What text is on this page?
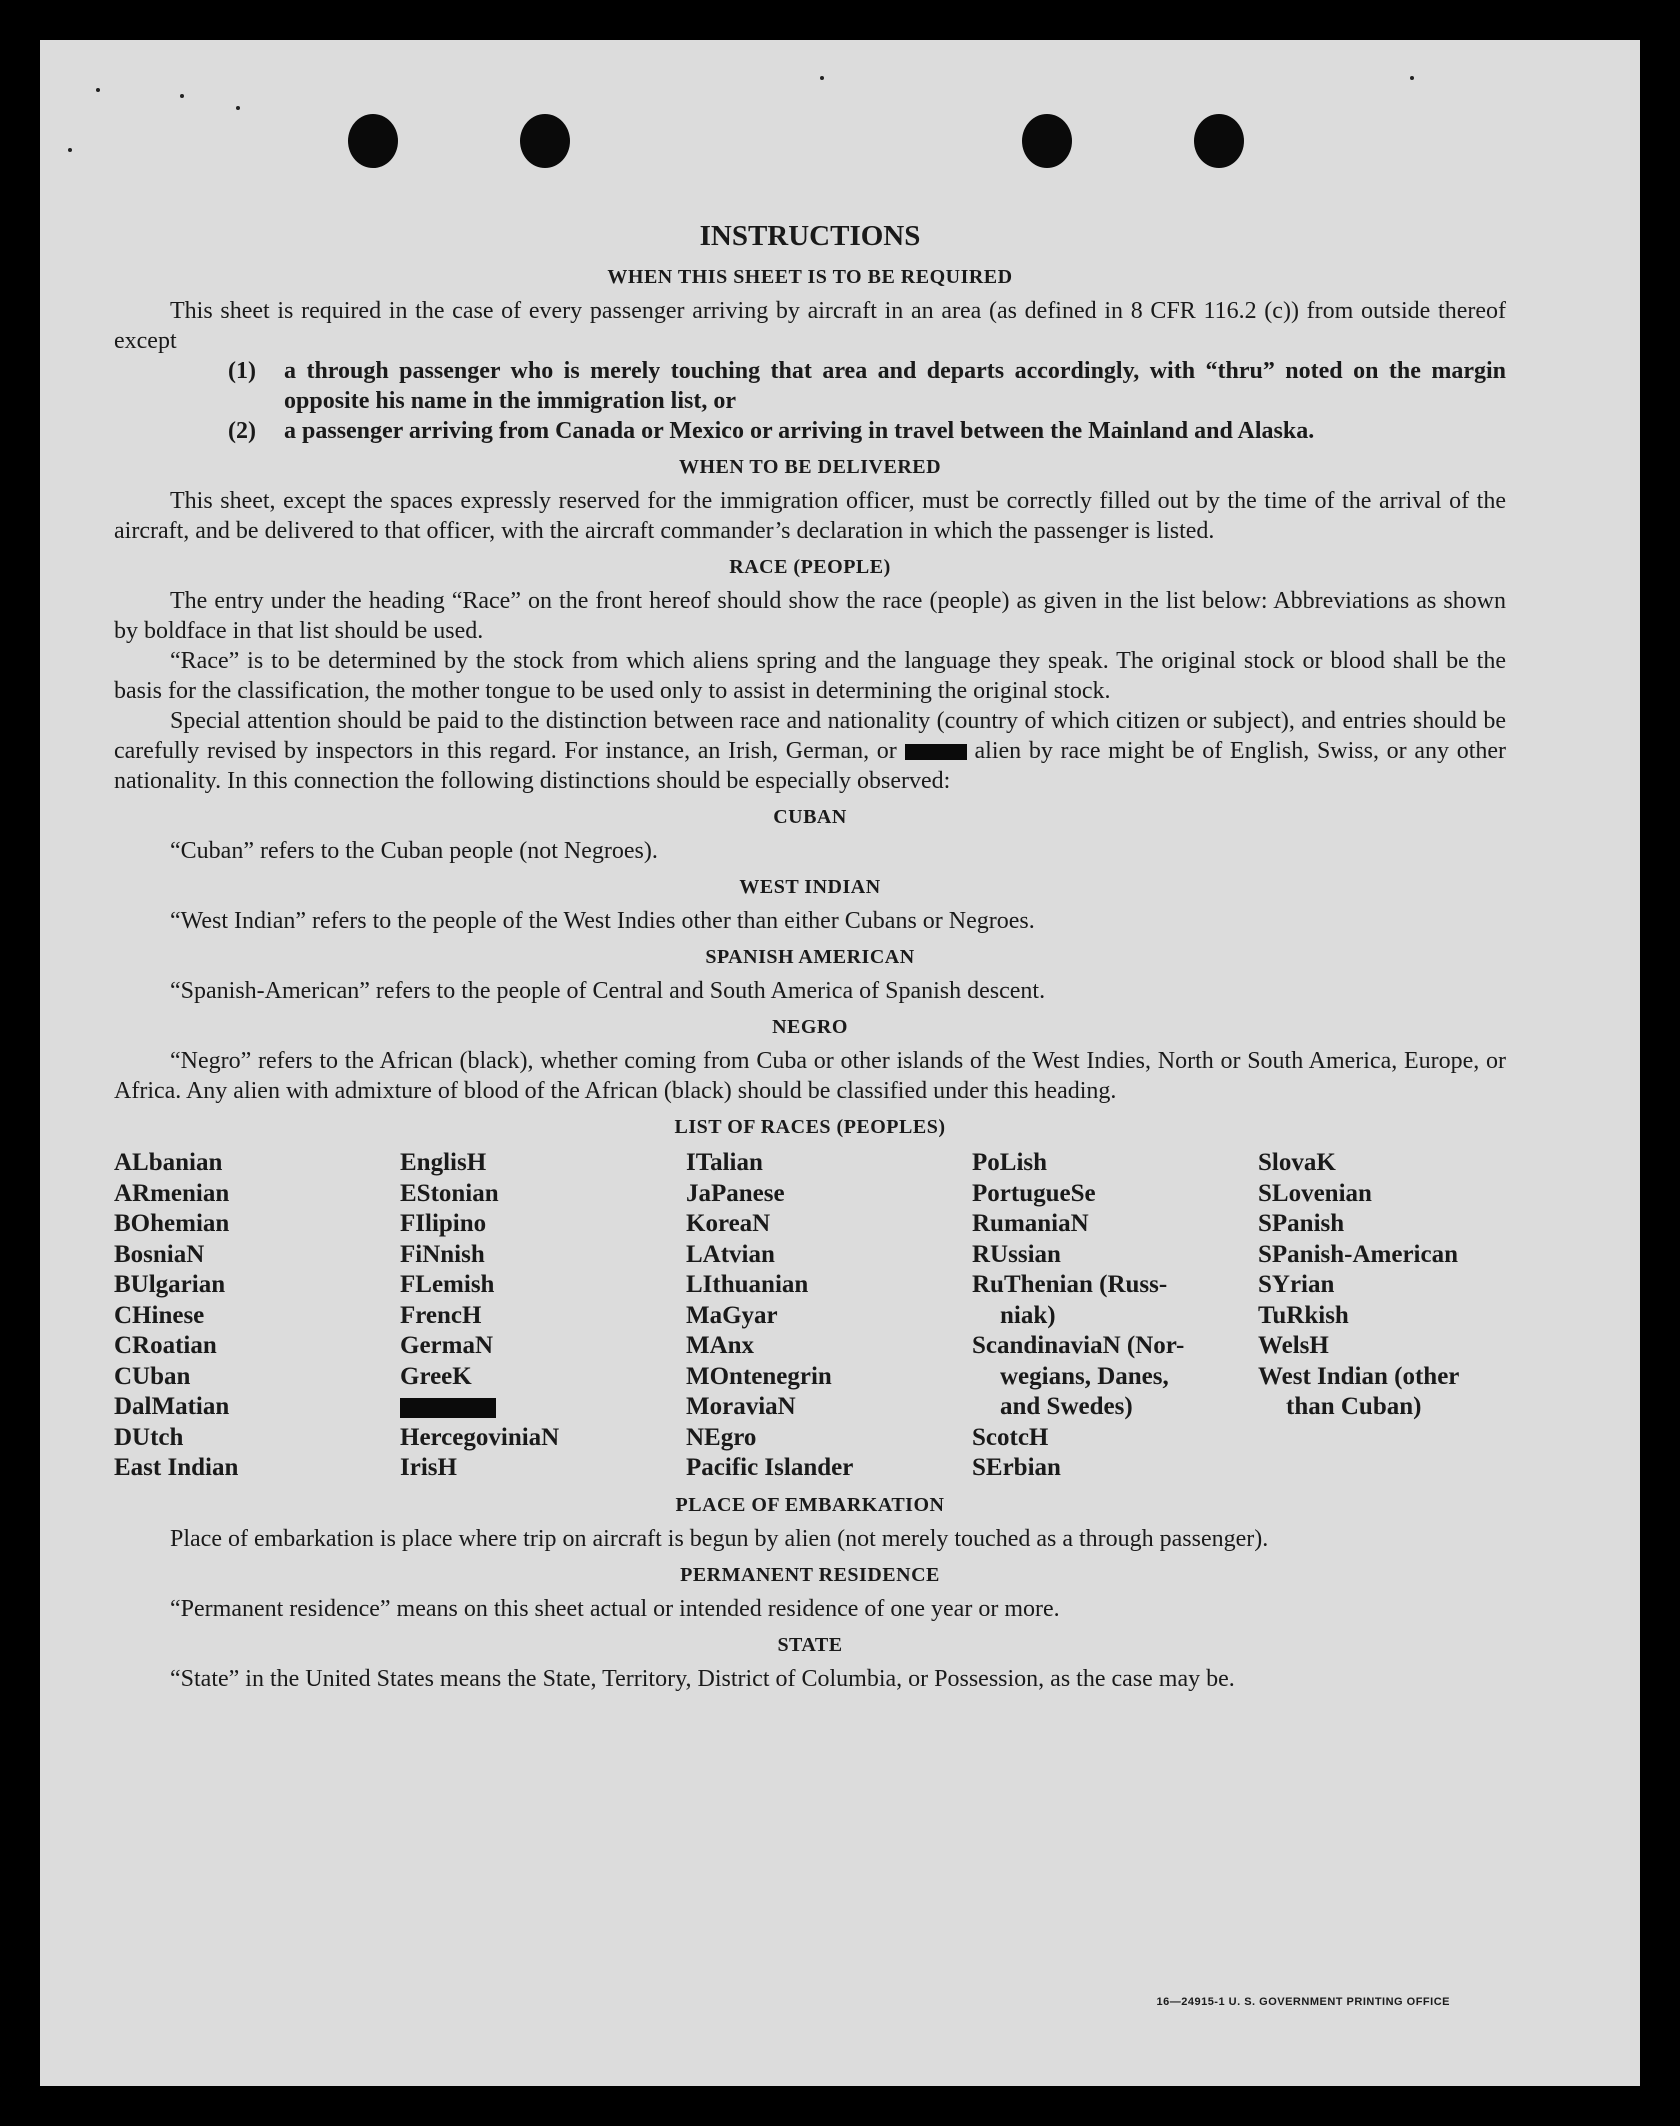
INSTRUCTIONS
WHEN THIS SHEET IS TO BE REQUIRED

This sheet is required in the case of every passenger arriving by aircraft in an area (as defined in 8 CFR 116.2 (c)) from outside thereof except

(1)	a through passenger who is merely touching that area and departs accordingly, with “thru” noted on the margin opposite his name in the immigration list, or
(2)	a passenger arriving from Canada or Mexico or arriving in travel between the Mainland and Alaska.
WHEN TO BE DELIVERED

This sheet, except the spaces expressly reserved for the immigration officer, must be correctly filled out by the time of the arrival of the aircraft, and be delivered to that officer, with the aircraft commander’s declaration in which the passenger is listed.

RACE (PEOPLE)

The entry under the heading “Race” on the front hereof should show the race (people) as given in the list below: Abbreviations as shown by boldface in that list should be used.

“Race” is to be determined by the stock from which aliens spring and the language they speak. The original stock or blood shall be the basis for the classification, the mother tongue to be used only to assist in determining the original stock.

Special attention should be paid to the distinction between race and nationality (country of which citizen or subject), and entries should be carefully revised by inspectors in this regard. For instance, an Irish, German, or	alien by race might be of English, Swiss, or any other nationality. In this connection the following distinctions should be especially observed:

CUBAN

“Cuban” refers to the Cuban people (not Negroes).

WEST INDIAN

“West Indian” refers to the people of the West Indies other than either Cubans or Negroes.

SPANISH AMERICAN

“Spanish-American” refers to the people of Central and South America of Spanish descent.

NEGRO

“Negro” refers to the African (black), whether coming from Cuba or other islands of the West Indies, North or South America, Europe, or Africa. Any alien with admixture of blood of the African (black) should be classified under this heading.

LIST OF RACES (PEOPLES)
ALbanian
ARmenian
BOhemian
BosniaN
BUlgarian
CHinese
CRoatian
CUban
DalMatian
DUtch
East Indian
EnglisH
EStonian
FIlipino
FiNnish
FLemish
FrencH
GermaN
GreeK
HercegoviniaN
IrisH
ITalian
JaPanese
KoreaN
LAtvian
LIthuanian
MaGyar
MAnx
MOntenegrin
MoraviaN
NEgro
Pacific Islander
PoLish
PortugueSe
RumaniaN
RUssian
RuThenian (Russ-
niak)
ScandinaviaN (Nor-
wegians, Danes,
and Swedes)
ScotcH
SErbian
SlovaK
SLovenian
SPanish
SPanish-American
SYrian
TuRkish
WelsH
West Indian (other
than Cuban)
PLACE OF EMBARKATION

Place of embarkation is place where trip on aircraft is begun by alien (not merely touched as a through passenger).

PERMANENT RESIDENCE

“Permanent residence” means on this sheet actual or intended residence of one year or more.

STATE

“State” in the United States means the State, Territory, District of Columbia, or Possession, as the case may be.

16—24915-1 U. S. GOVERNMENT PRINTING OFFICE
